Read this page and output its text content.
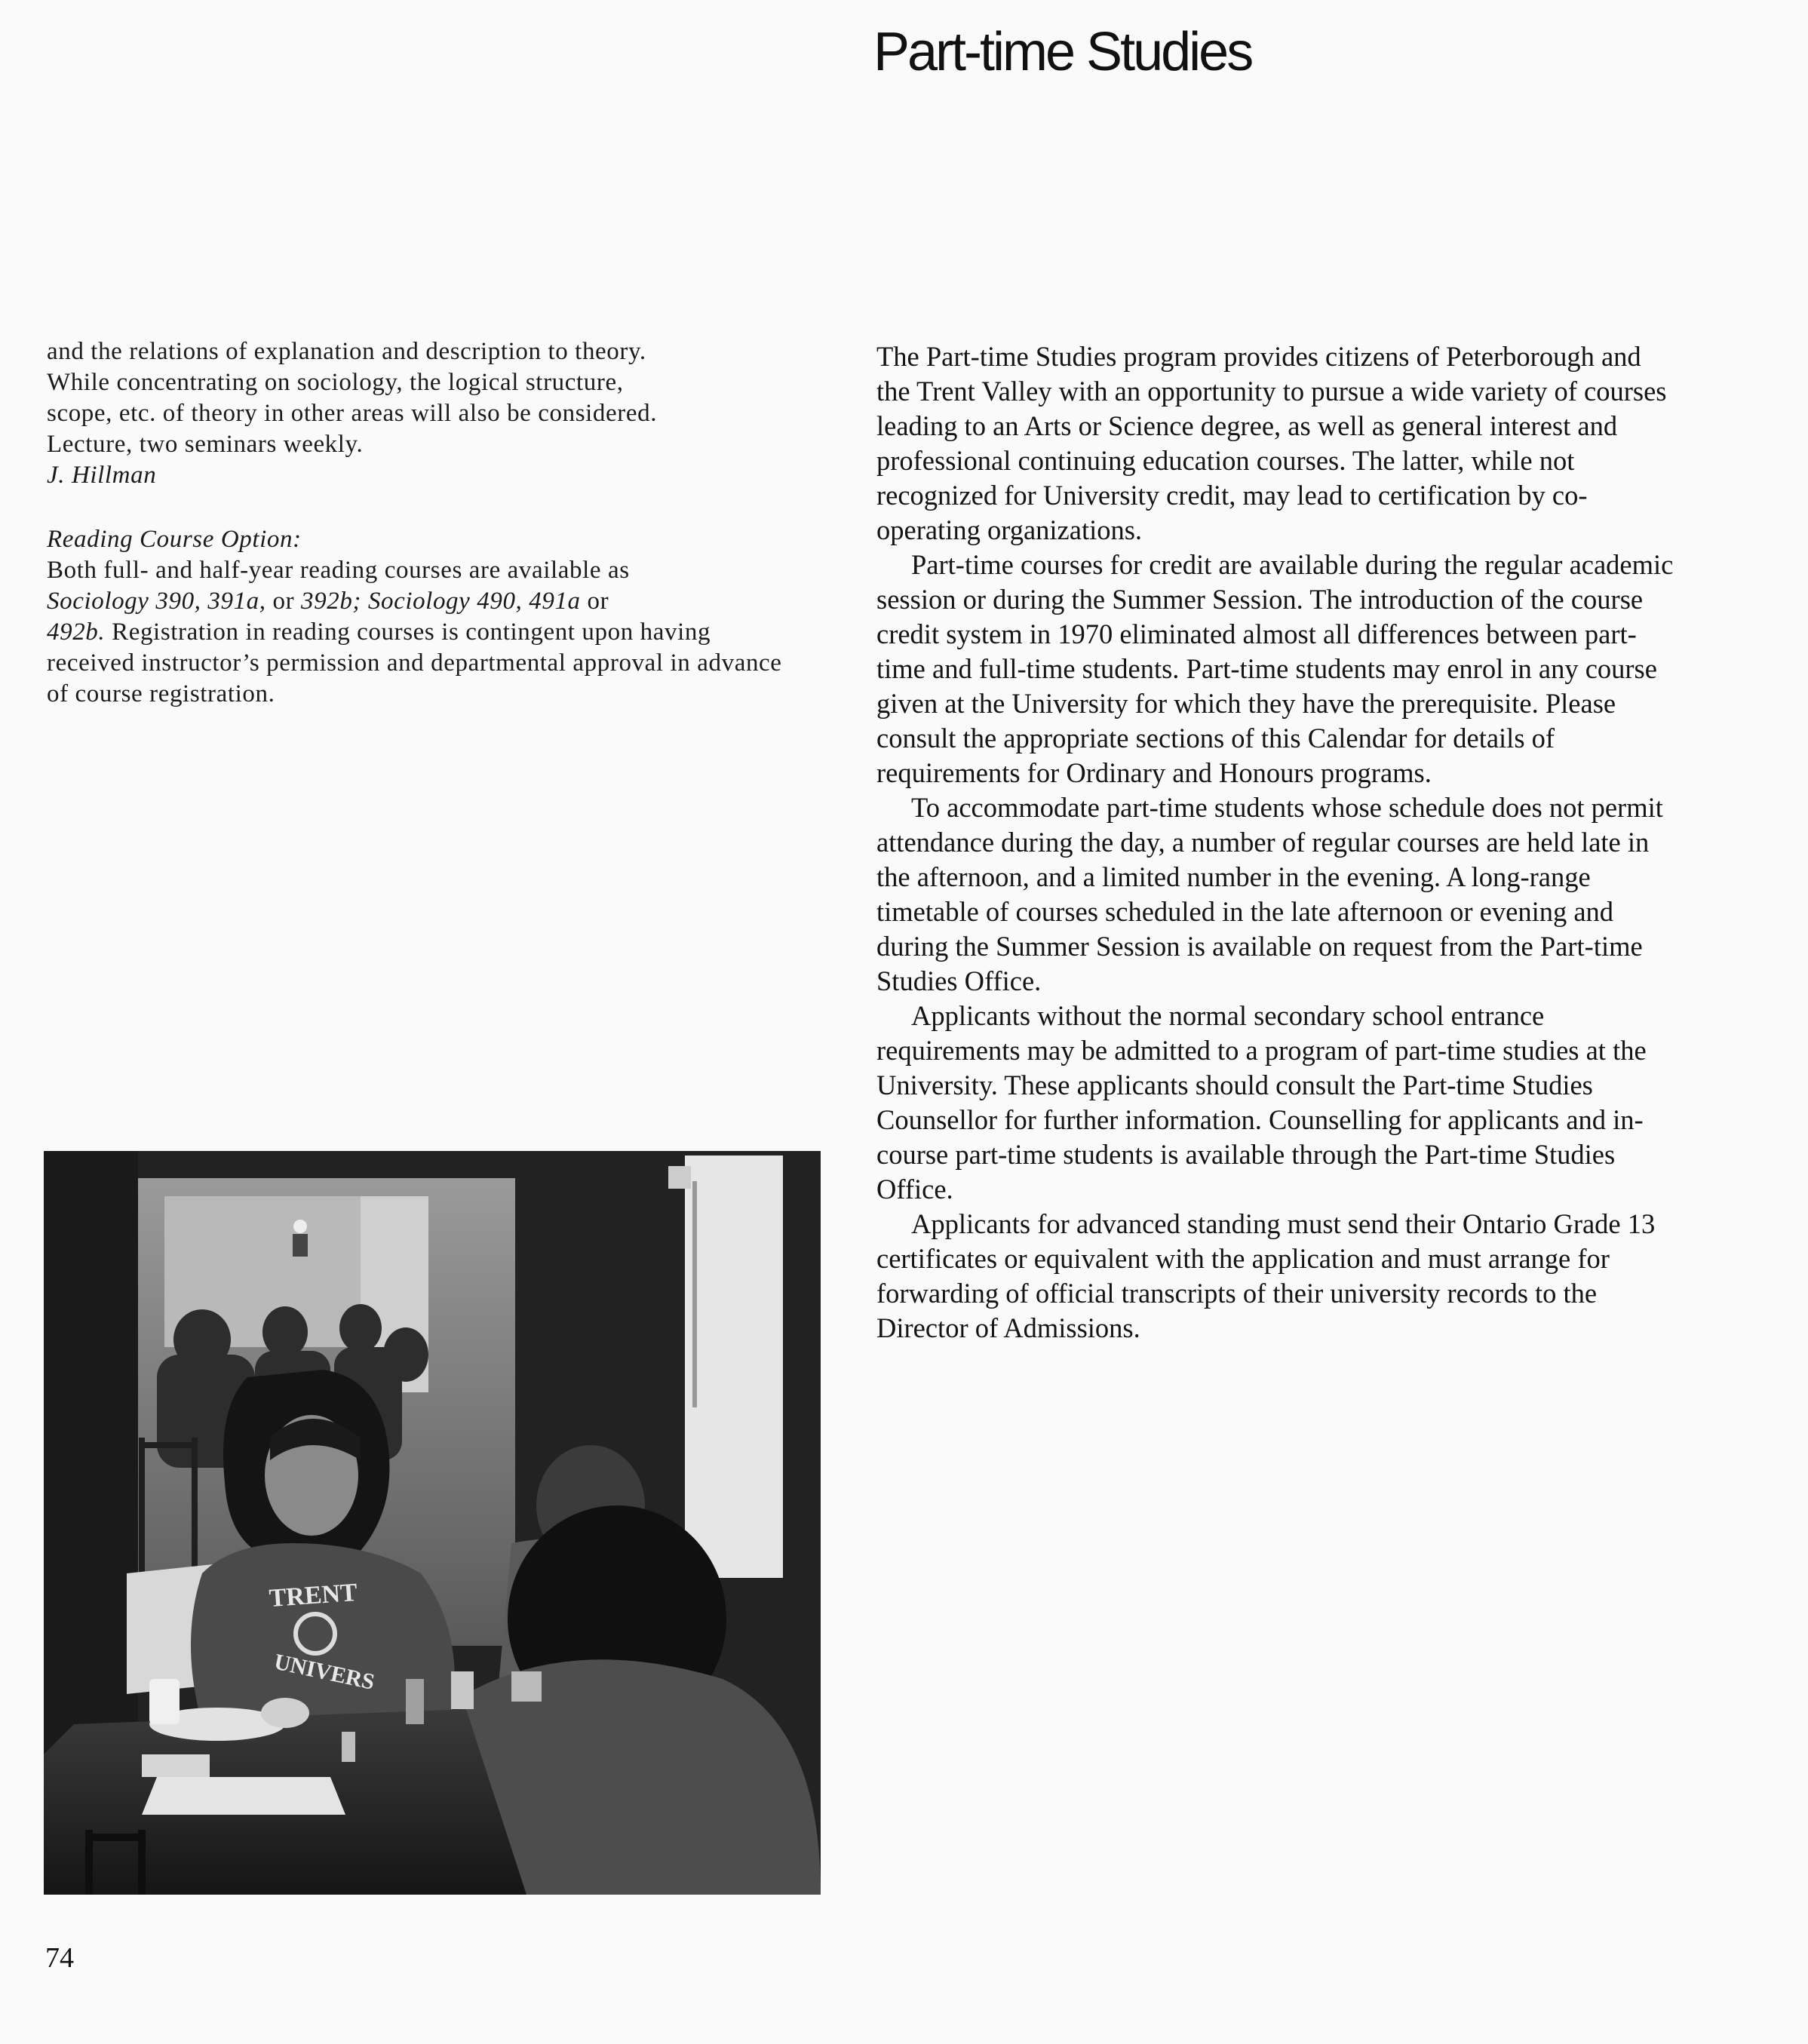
Part-time Studies

and the relations of explanation and description to theory.

While concentrating on sociology, the logical structure,

scope, etc. of theory in other areas will also be considered.

Lecture, two seminars weekly.

J. Hillman

Reading Course Option:

Both full- and half-year reading courses are available as
Sociology 390, 391a, or 392b; Sociology 490, 491a or
492b. Registration in reading courses is contingent upon having received instructor’s permission and departmental approval in advance of course registration.

The Part-time Studies program provides citizens of Peterborough and the Trent Valley with an opportunity to pursue a wide variety of courses leading to an Arts or Science degree, as well as general interest and professional continuing education courses. The latter, while not recognized for University credit, may lead to certification by co-operating organizations.

Part-time courses for credit are available during the regular academic session or during the Summer Session. The introduction of the course credit system in 1970 eliminated almost all differences between part-time and full-time students. Part-time students may enrol in any course given at the University for which they have the prerequisite. Please consult the appropriate sections of this Calendar for details of requirements for Ordinary and Honours programs.

To accommodate part-time students whose schedule does not permit attendance during the day, a number of regular courses are held late in the afternoon, and a limited number in the evening. A long-range timetable of courses scheduled in the late afternoon or evening and during the Summer Session is available on request from the Part-time Studies Office.

Applicants without the normal secondary school entrance requirements may be admitted to a program of part-time studies at the University. These applicants should consult the Part-time Studies Counsellor for further information. Counselling for applicants and in-course part-time students is available through the Part-time Studies Office.

Applicants for advanced standing must send their Ontario Grade 13 certificates or equivalent with the application and must arrange for forwarding of official transcripts of their university records to the Director of Admissions.

TRENT
UNIVERS
74
